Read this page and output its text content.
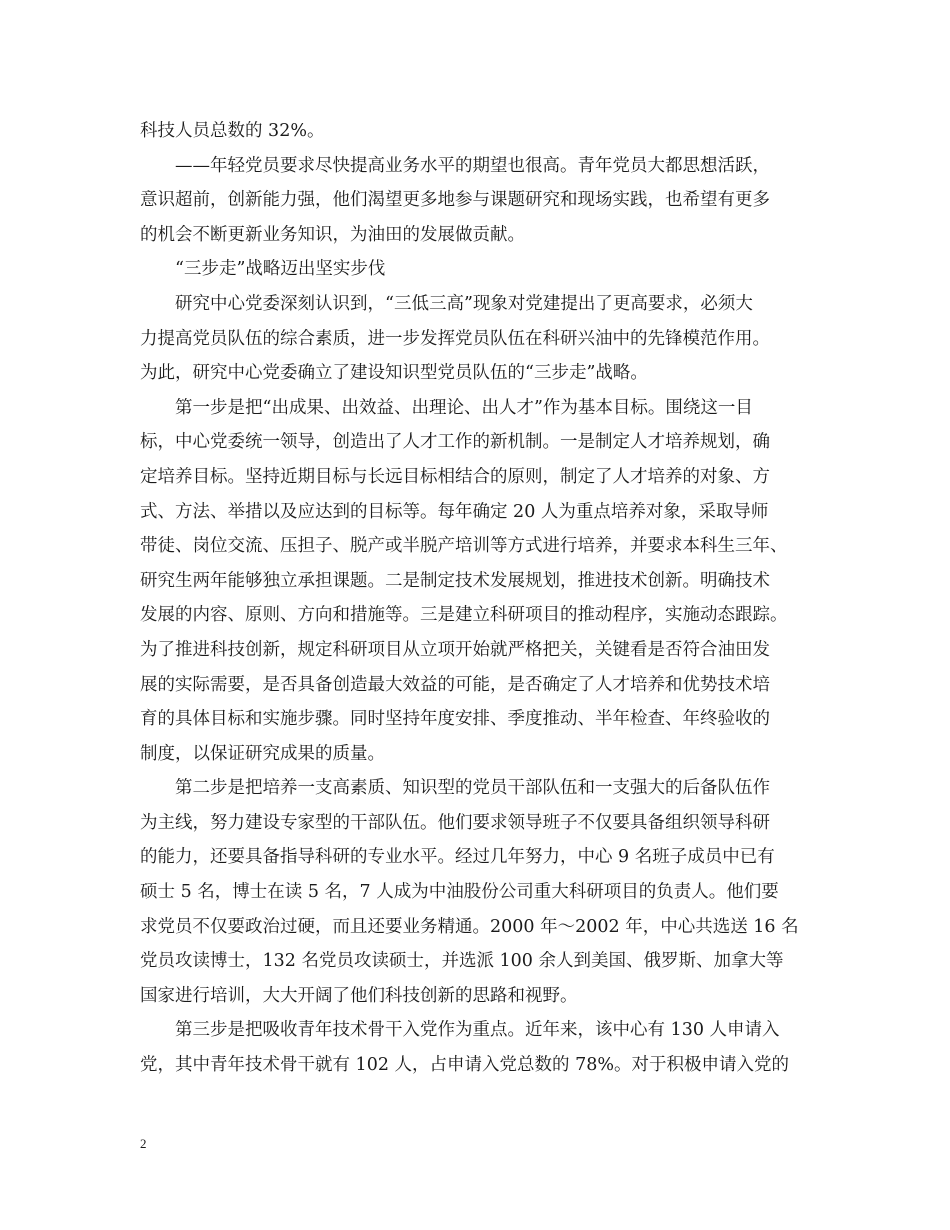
科技人员总数的 32%。
——年轻党员要求尽快提高业务水平的期望也很高。青年党员大都思想活跃，
意识超前，创新能力强，他们渴望更多地参与课题研究和现场实践，也希望有更多
的机会不断更新业务知识，为油田的发展做贡献。
“三步走”战略迈出坚实步伐
研究中心党委深刻认识到，“三低三高”现象对党建提出了更高要求，必须大
力提高党员队伍的综合素质，进一步发挥党员队伍在科研兴油中的先锋模范作用。
为此，研究中心党委确立了建设知识型党员队伍的“三步走”战略。
第一步是把“出成果、出效益、出理论、出人才”作为基本目标。围绕这一目
标，中心党委统一领导，创造出了人才工作的新机制。一是制定人才培养规划，确
定培养目标。坚持近期目标与长远目标相结合的原则，制定了人才培养的对象、方
式、方法、举措以及应达到的目标等。每年确定 20 人为重点培养对象，采取导师
带徒、岗位交流、压担子、脱产或半脱产培训等方式进行培养，并要求本科生三年、
研究生两年能够独立承担课题。二是制定技术发展规划，推进技术创新。明确技术
发展的内容、原则、方向和措施等。三是建立科研项目的推动程序，实施动态跟踪。
为了推进科技创新，规定科研项目从立项开始就严格把关，关键看是否符合油田发
展的实际需要，是否具备创造最大效益的可能，是否确定了人才培养和优势技术培
育的具体目标和实施步骤。同时坚持年度安排、季度推动、半年检查、年终验收的
制度，以保证研究成果的质量。
第二步是把培养一支高素质、知识型的党员干部队伍和一支强大的后备队伍作
为主线，努力建设专家型的干部队伍。他们要求领导班子不仅要具备组织领导科研
的能力，还要具备指导科研的专业水平。经过几年努力，中心 9 名班子成员中已有
硕士 5 名，博士在读 5 名，7 人成为中油股份公司重大科研项目的负责人。他们要
求党员不仅要政治过硬，而且还要业务精通。2000 年～2002 年，中心共选送 16 名
党员攻读博士，132 名党员攻读硕士，并选派 100 余人到美国、俄罗斯、加拿大等
国家进行培训，大大开阔了他们科技创新的思路和视野。
第三步是把吸收青年技术骨干入党作为重点。近年来，该中心有 130 人申请入
党，其中青年技术骨干就有 102 人，占申请入党总数的 78%。对于积极申请入党的
2
